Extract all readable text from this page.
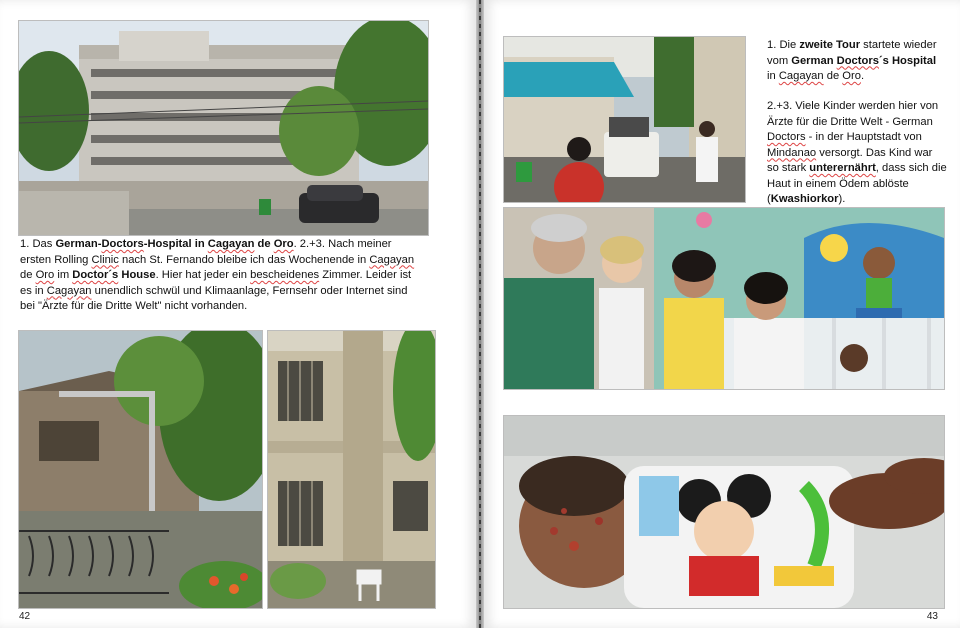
1. Das German-Doctors-Hospital in Cagayan de Oro. 2.+3. Nach meiner ersten Rolling Clinic nach St. Fernando bleibe ich das Wochenende in Cagayan de Oro im Doctor´s House. Hier hat jeder ein bescheidenes Zimmer. Leider ist es in Cagayan unendlich schwül und Klimaanlage, Fernsehr oder Internet sind bei "Ärzte für die Dritte Welt" nicht vorhanden.
42
1. Die zweite Tour startete wieder vom German Doctors´s Hospital in Cagayan de Oro.
2.+3. Viele Kinder werden hier von Ärzte für die Dritte Welt - German Doctors - in der Hauptstadt von Mindanao versorgt. Das Kind war so stark unterernährt, dass sich die Haut in einem Ödem ablöste (Kwashiorkor).
43
